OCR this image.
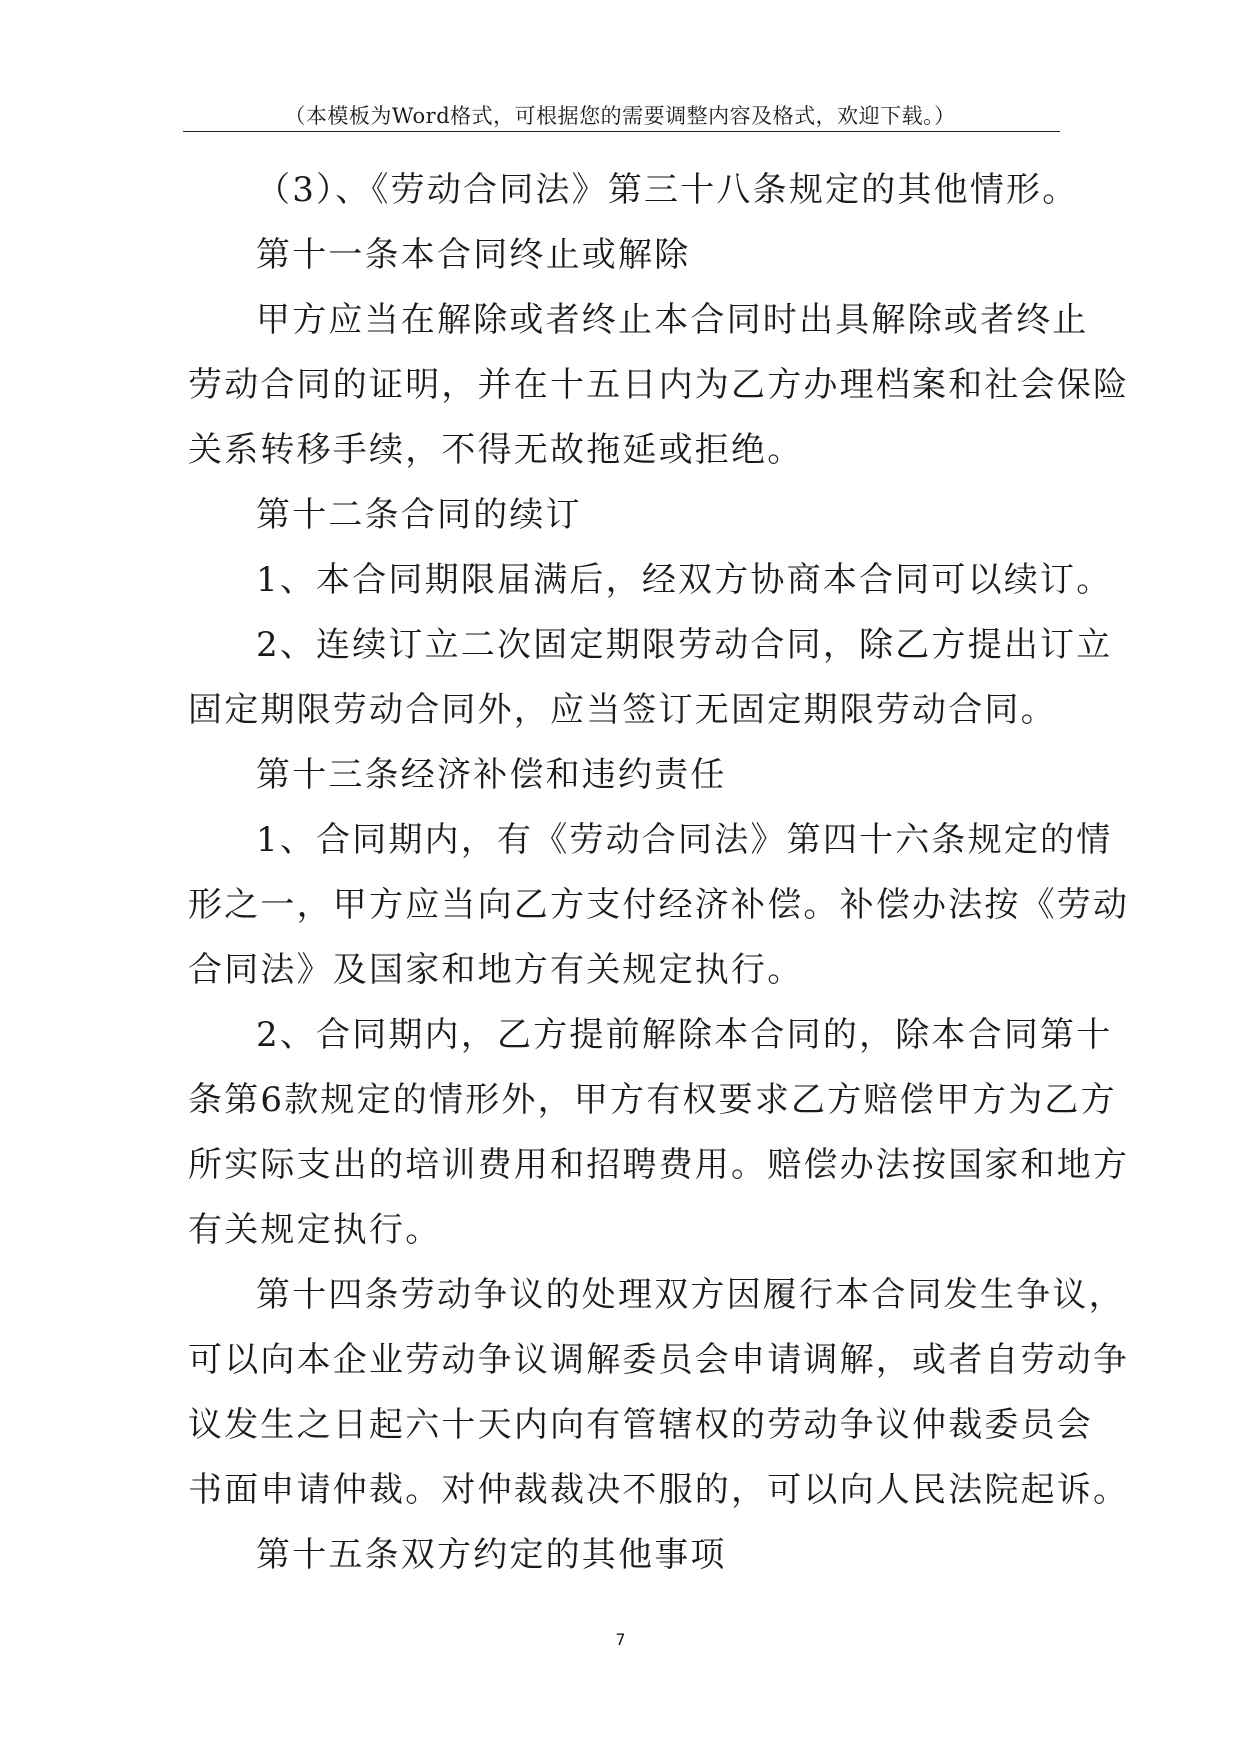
（本模板为Word格式，可根据您的需要调整内容及格式，欢迎下载。）
（3）、《劳动合同法》第三十八条规定的其他情形。
第十一条本合同终止或解除
甲方应当在解除或者终止本合同时出具解除或者终止
劳动合同的证明，并在十五日内为乙方办理档案和社会保险
关系转移手续，不得无故拖延或拒绝。
第十二条合同的续订
1、本合同期限届满后，经双方协商本合同可以续订。
2、连续订立二次固定期限劳动合同，除乙方提出订立
固定期限劳动合同外，应当签订无固定期限劳动合同。
第十三条经济补偿和违约责任
1、合同期内，有《劳动合同法》第四十六条规定的情
形之一，甲方应当向乙方支付经济补偿。补偿办法按《劳动
合同法》及国家和地方有关规定执行。
2、合同期内，乙方提前解除本合同的，除本合同第十
条第6款规定的情形外，甲方有权要求乙方赔偿甲方为乙方
所实际支出的培训费用和招聘费用。赔偿办法按国家和地方
有关规定执行。
第十四条劳动争议的处理双方因履行本合同发生争议，
可以向本企业劳动争议调解委员会申请调解，或者自劳动争
议发生之日起六十天内向有管辖权的劳动争议仲裁委员会
书面申请仲裁。对仲裁裁决不服的，可以向人民法院起诉。
第十五条双方约定的其他事项
7
